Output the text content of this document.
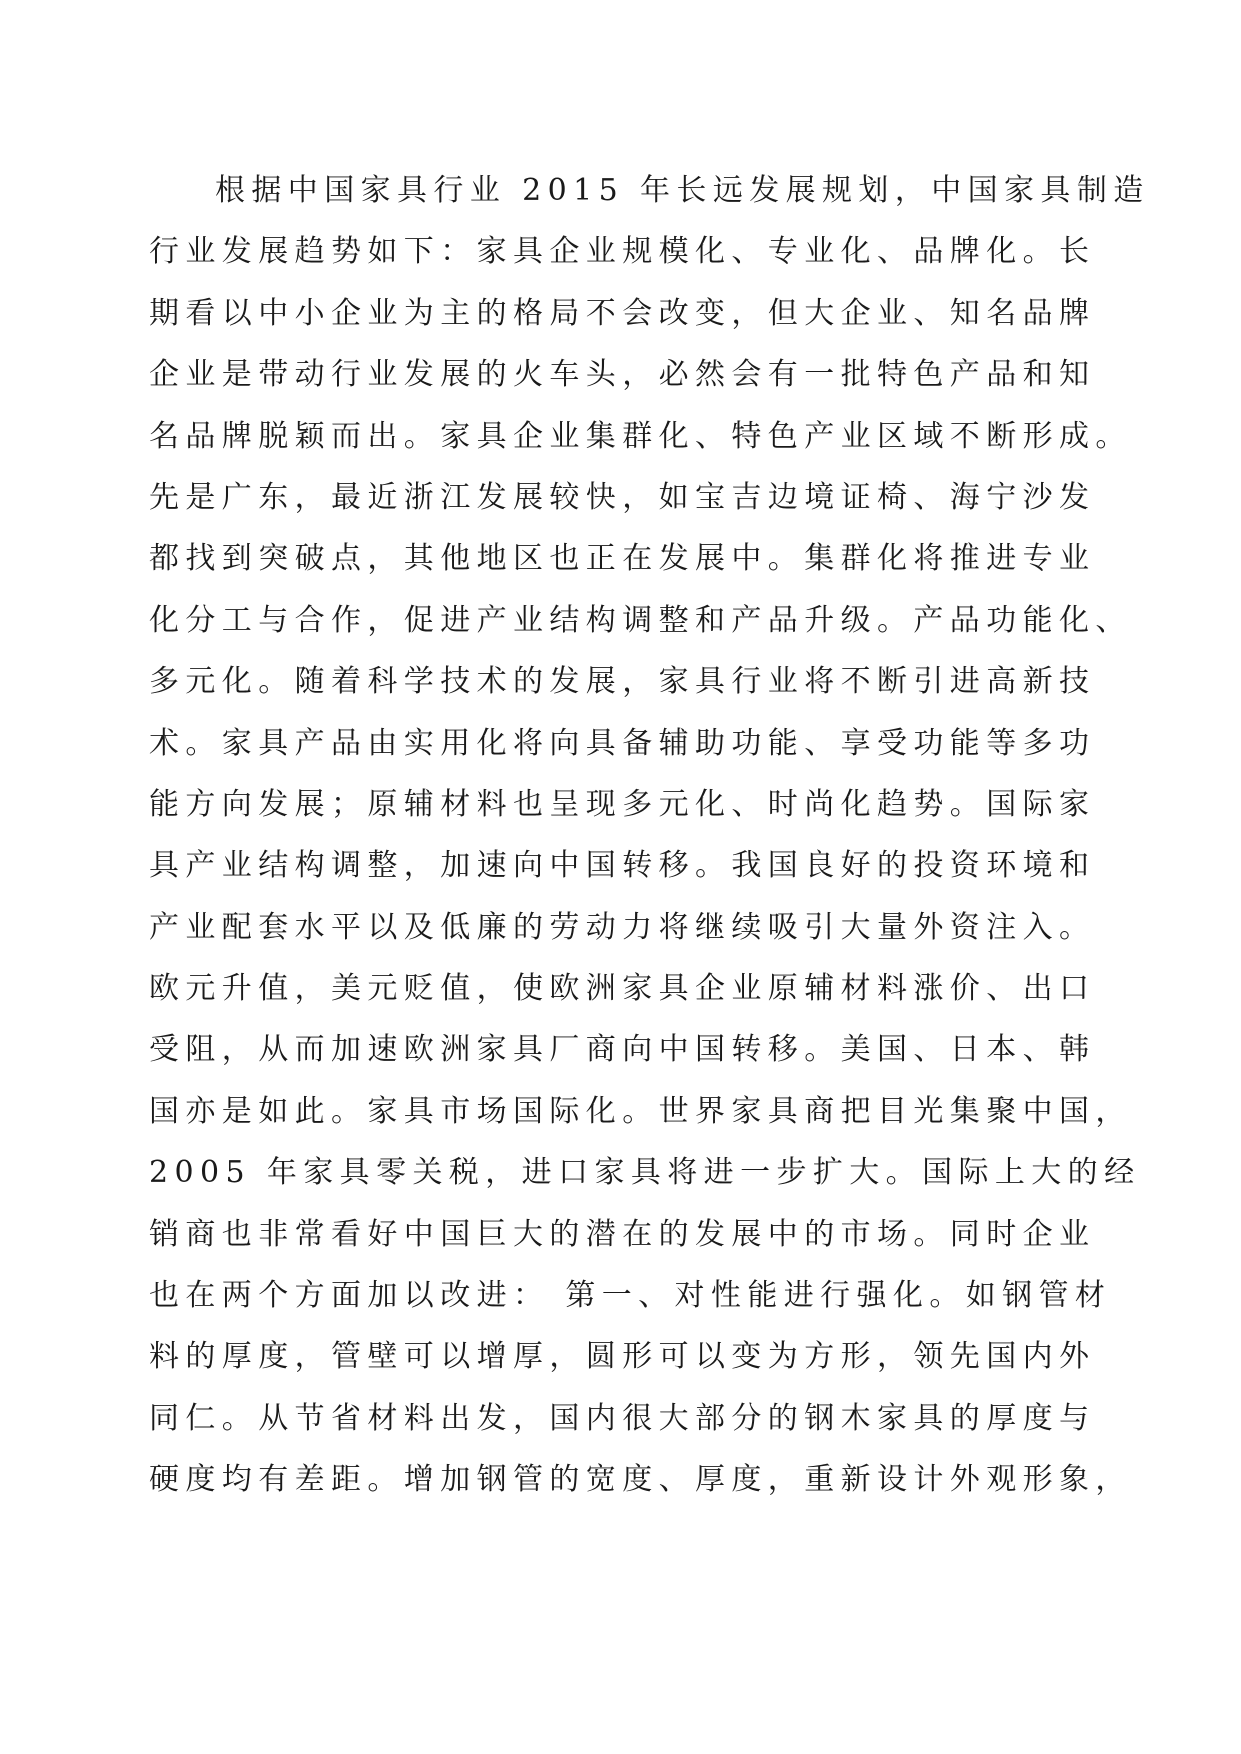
根据中国家具行业 2015 年长远发展规划，中国家具制造
行业发展趋势如下：家具企业规模化、专业化、品牌化。长
期看以中小企业为主的格局不会改变，但大企业、知名品牌
企业是带动行业发展的火车头，必然会有一批特色产品和知
名品牌脱颖而出。家具企业集群化、特色产业区域不断形成。
先是广东，最近浙江发展较快，如宝吉边境证椅、海宁沙发
都找到突破点，其他地区也正在发展中。集群化将推进专业
化分工与合作，促进产业结构调整和产品升级。产品功能化、
多元化。随着科学技术的发展，家具行业将不断引进高新技
术。家具产品由实用化将向具备辅助功能、享受功能等多功
能方向发展；原辅材料也呈现多元化、时尚化趋势。国际家
具产业结构调整，加速向中国转移。我国良好的投资环境和
产业配套水平以及低廉的劳动力将继续吸引大量外资注入。
欧元升值，美元贬值，使欧洲家具企业原辅材料涨价、出口
受阻，从而加速欧洲家具厂商向中国转移。美国、日本、韩
国亦是如此。家具市场国际化。世界家具商把目光集聚中国，
2005 年家具零关税，进口家具将进一步扩大。国际上大的经
销商也非常看好中国巨大的潜在的发展中的市场。同时企业
也在两个方面加以改进： 第一、对性能进行强化。如钢管材
料的厚度，管壁可以增厚，圆形可以变为方形，领先国内外
同仁。从节省材料出发，国内很大部分的钢木家具的厚度与
硬度均有差距。增加钢管的宽度、厚度，重新设计外观形象，
